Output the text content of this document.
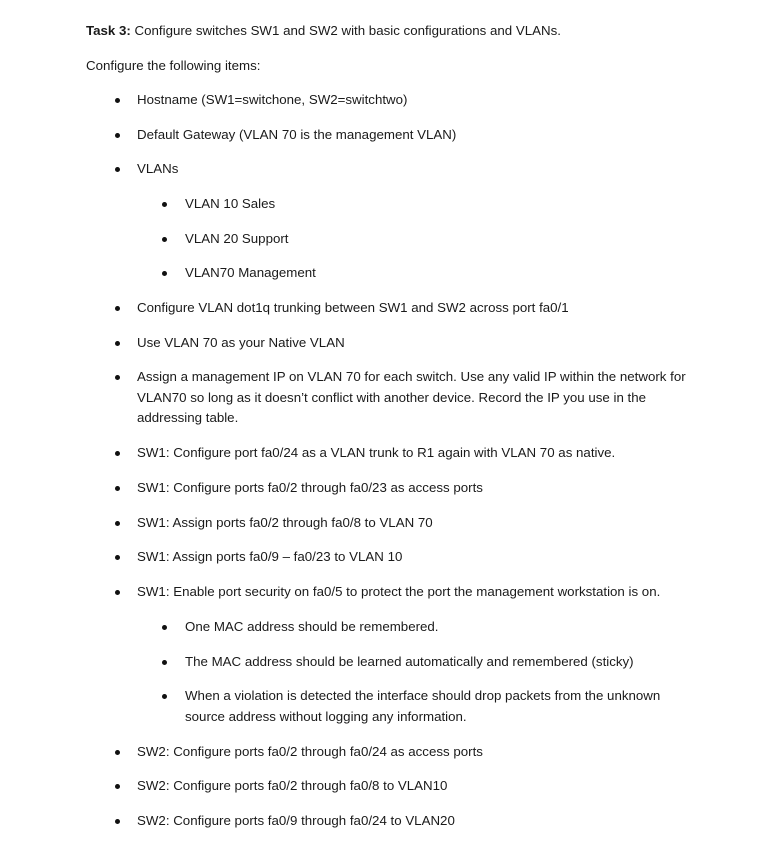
Task 3: Configure switches SW1 and SW2 with basic configurations and VLANs.
Configure the following items:
Hostname (SW1=switchone, SW2=switchtwo)
Default Gateway (VLAN 70 is the management VLAN)
VLANs
VLAN 10 Sales
VLAN 20 Support
VLAN70 Management
Configure VLAN dot1q trunking between SW1 and SW2 across port fa0/1
Use VLAN 70 as your Native VLAN
Assign a management IP on VLAN 70 for each switch. Use any valid IP within the network for VLAN70 so long as it doesn’t conflict with another device. Record the IP you use in the addressing table.
SW1: Configure port fa0/24 as a VLAN trunk to R1 again with VLAN 70 as native.
SW1: Configure ports fa0/2 through fa0/23 as access ports
SW1: Assign ports fa0/2 through fa0/8 to VLAN 70
SW1: Assign ports fa0/9 – fa0/23 to VLAN 10
SW1: Enable port security on fa0/5 to protect the port the management workstation is on.
One MAC address should be remembered.
The MAC address should be learned automatically and remembered (sticky)
When a violation is detected the interface should drop packets from the unknown source address without logging any information.
SW2: Configure ports fa0/2 through fa0/24 as access ports
SW2: Configure ports fa0/2 through fa0/8 to VLAN10
SW2: Configure ports fa0/9 through fa0/24 to VLAN20
